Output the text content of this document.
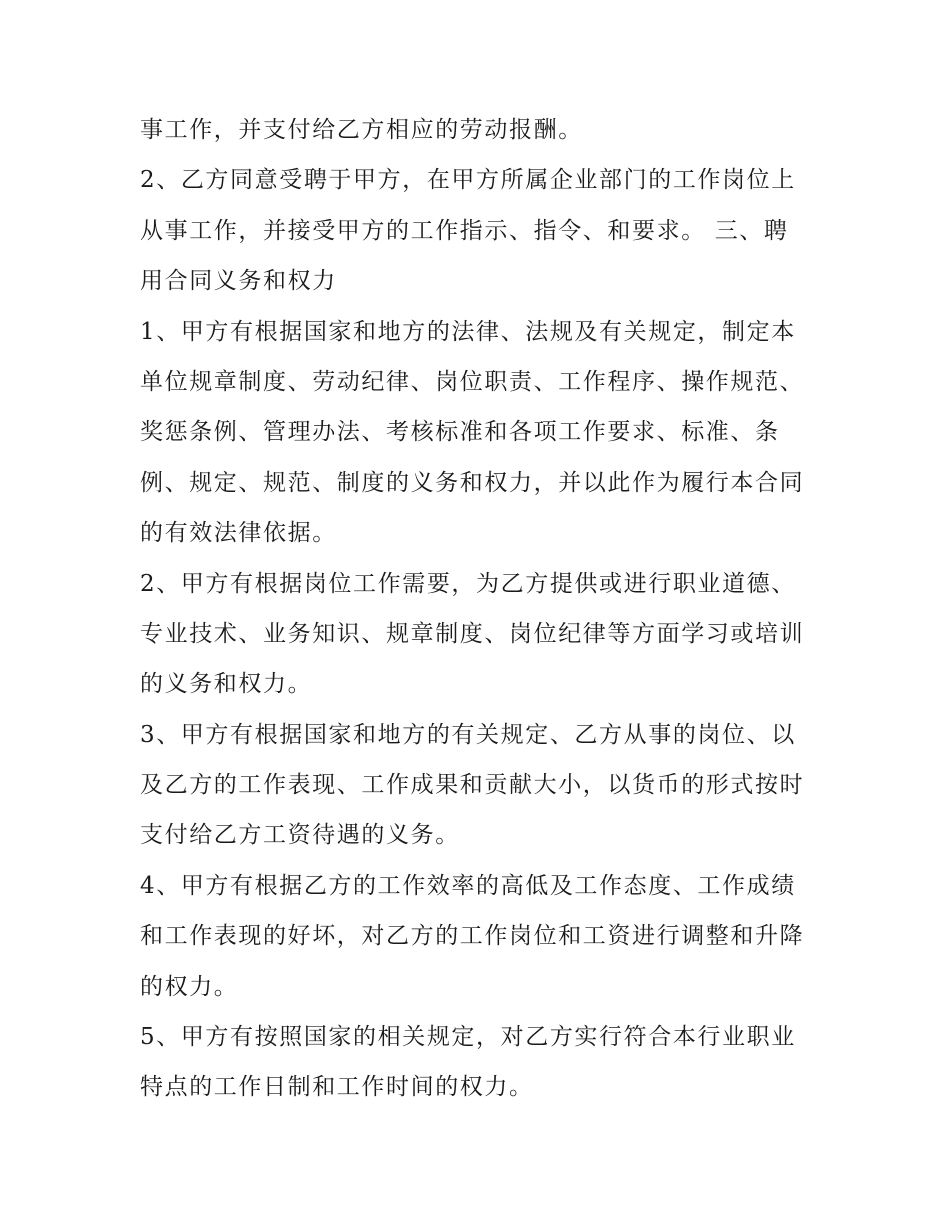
事工作，并支付给乙方相应的劳动报酬。
2、乙方同意受聘于甲方，在甲方所属企业部门的工作岗位上
从事工作，并接受甲方的工作指示、指令、和要求。 三、聘
用合同义务和权力
1、甲方有根据国家和地方的法律、法规及有关规定，制定本
单位规章制度、劳动纪律、岗位职责、工作程序、操作规范、
奖惩条例、管理办法、考核标准和各项工作要求、标准、条
例、规定、规范、制度的义务和权力，并以此作为履行本合同
的有效法律依据。
2、甲方有根据岗位工作需要，为乙方提供或进行职业道德、
专业技术、业务知识、规章制度、岗位纪律等方面学习或培训
的义务和权力。
3、甲方有根据国家和地方的有关规定、乙方从事的岗位、以
及乙方的工作表现、工作成果和贡献大小，以货币的形式按时
支付给乙方工资待遇的义务。
4、甲方有根据乙方的工作效率的高低及工作态度、工作成绩
和工作表现的好坏，对乙方的工作岗位和工资进行调整和升降
的权力。
5、甲方有按照国家的相关规定，对乙方实行符合本行业职业
特点的工作日制和工作时间的权力。
